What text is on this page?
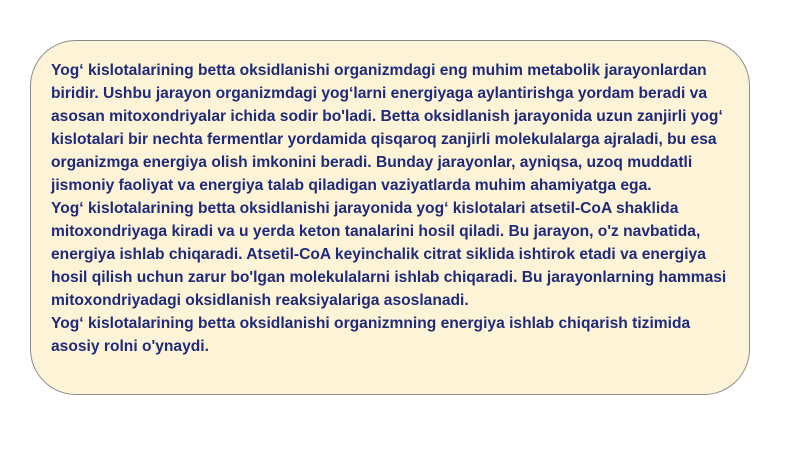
Yogʻ kislotalarining betta oksidlanishi organizmdagi eng muhim metabolik jarayonlardan biridir. Ushbu jarayon organizmdagi yogʻlarni energiyaga aylantirishga yordam beradi va asosan mitoxondriyalar ichida sodir bo'ladi. Betta oksidlanish jarayonida uzun zanjirli yogʻ kislotalari bir nechta fermentlar yordamida qisqaroq zanjirli molekulalarga ajraladi, bu esa organizmga energiya olish imkonini beradi. Bunday jarayonlar, ayniqsa, uzoq muddatli jismoniy faoliyat va energiya talab qiladigan vaziyatlarda muhim ahamiyatga ega.
Yogʻ kislotalarining betta oksidlanishi jarayonida yogʻ kislotalari atsetil-CoA shaklida mitoxondriyaga kiradi va u yerda keton tanalarini hosil qiladi. Bu jarayon, o'z navbatida, energiya ishlab chiqaradi. Atsetil-CoA keyinchalik citrat siklida ishtirok etadi va energiya hosil qilish uchun zarur bo'lgan molekulalarni ishlab chiqaradi. Bu jarayonlarning hammasi mitoxondriyadagi oksidlanish reaksiyalariga asoslanadi.
Yogʻ kislotalarining betta oksidlanishi organizmning energiya ishlab chiqarish tizimida asosiy rolni o'ynaydi.
